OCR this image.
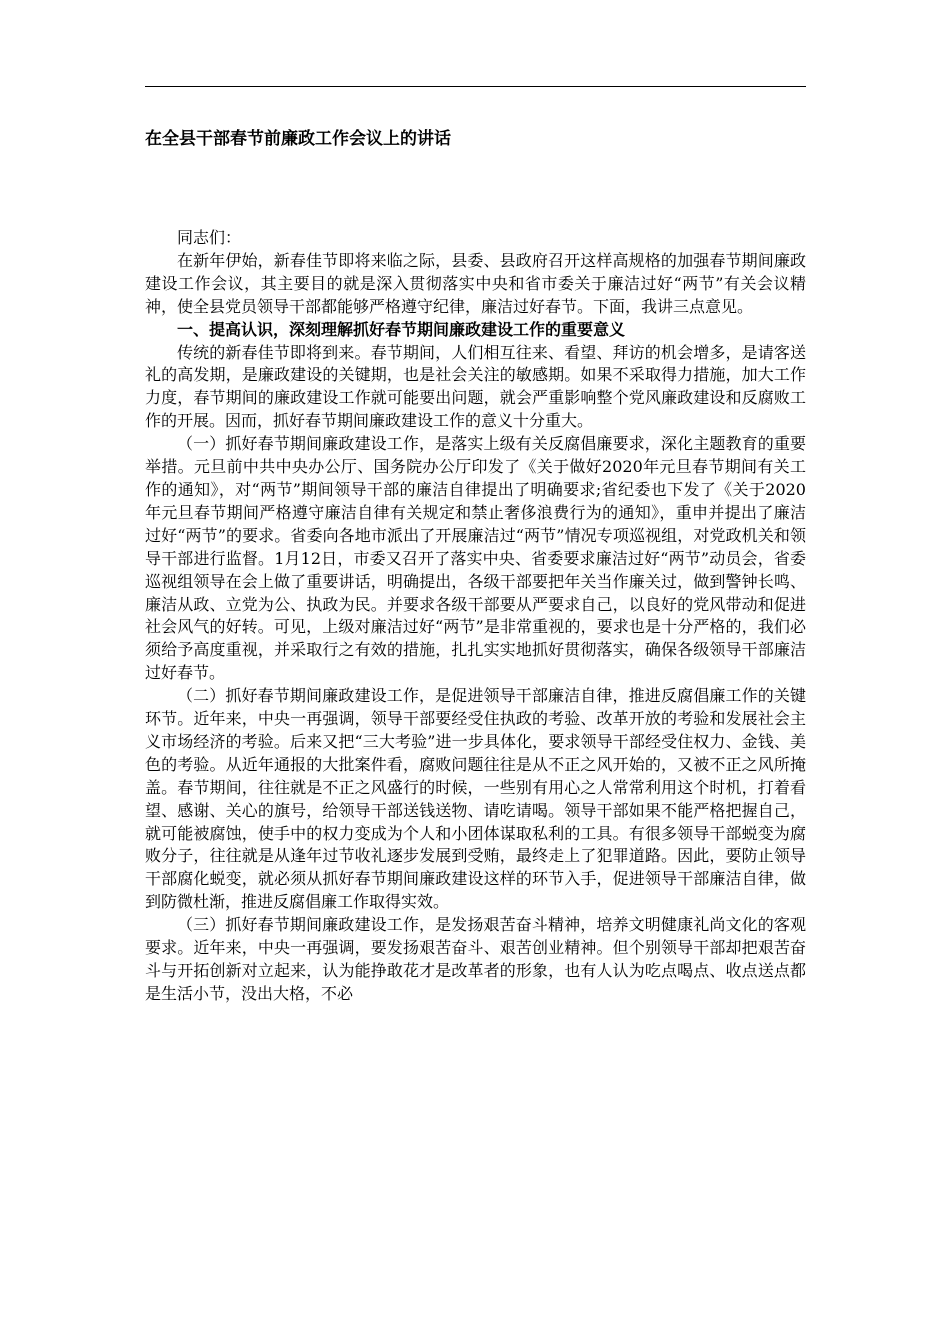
在全县干部春节前廉政工作会议上的讲话

同志们：

在新年伊始，新春佳节即将来临之际，县委、县政府召开这样高规格的加强春节期间廉政建设工作会议，其主要目的就是深入贯彻落实中央和省市委关于廉洁过好“两节”有关会议精神，使全县党员领导干部都能够严格遵守纪律，廉洁过好春节。下面，我讲三点意见。

一、提高认识，深刻理解抓好春节期间廉政建设工作的重要意义

传统的新春佳节即将到来。春节期间，人们相互往来、看望、拜访的机会增多，是请客送礼的高发期，是廉政建设的关键期，也是社会关注的敏感期。如果不采取得力措施，加大工作力度，春节期间的廉政建设工作就可能要出问题，就会严重影响整个党风廉政建设和反腐败工作的开展。因而，抓好春节期间廉政建设工作的意义十分重大。

（一）抓好春节期间廉政建设工作，是落实上级有关反腐倡廉要求，深化主题教育的重要举措。元旦前中共中央办公厅、国务院办公厅印发了《关于做好2020年元旦春节期间有关工作的通知》，对“两节”期间领导干部的廉洁自律提出了明确要求;省纪委也下发了《关于2020年元旦春节期间严格遵守廉洁自律有关规定和禁止奢侈浪费行为的通知》，重申并提出了廉洁过好“两节”的要求。省委向各地市派出了开展廉洁过“两节”情况专项巡视组，对党政机关和领导干部进行监督。1月12日，市委又召开了落实中央、省委要求廉洁过好“两节”动员会，省委巡视组领导在会上做了重要讲话，明确提出，各级干部要把年关当作廉关过，做到警钟长鸣、廉洁从政、立党为公、执政为民。并要求各级干部要从严要求自己，以良好的党风带动和促进社会风气的好转。可见，上级对廉洁过好“两节”是非常重视的，要求也是十分严格的，我们必须给予高度重视，并采取行之有效的措施，扎扎实实地抓好贯彻落实，确保各级领导干部廉洁过好春节。

（二）抓好春节期间廉政建设工作，是促进领导干部廉洁自律，推进反腐倡廉工作的关键环节。近年来，中央一再强调，领导干部要经受住执政的考验、改革开放的考验和发展社会主义市场经济的考验。后来又把“三大考验”进一步具体化，要求领导干部经受住权力、金钱、美色的考验。从近年通报的大批案件看，腐败问题往往是从不正之风开始的，又被不正之风所掩盖。春节期间，往往就是不正之风盛行的时候，一些别有用心之人常常利用这个时机，打着看望、感谢、关心的旗号，给领导干部送钱送物、请吃请喝。领导干部如果不能严格把握自己，就可能被腐蚀，使手中的权力变成为个人和小团体谋取私利的工具。有很多领导干部蜕变为腐败分子，往往就是从逢年过节收礼逐步发展到受贿，最终走上了犯罪道路。因此，要防止领导干部腐化蜕变，就必须从抓好春节期间廉政建设这样的环节入手，促进领导干部廉洁自律，做到防微杜渐，推进反腐倡廉工作取得实效。

（三）抓好春节期间廉政建设工作，是发扬艰苦奋斗精神，培养文明健康礼尚文化的客观要求。近年来，中央一再强调，要发扬艰苦奋斗、艰苦创业精神。但个别领导干部却把艰苦奋斗与开拓创新对立起来，认为能挣敢花才是改革者的形象，也有人认为吃点喝点、收点送点都是生活小节，没出大格，不必
